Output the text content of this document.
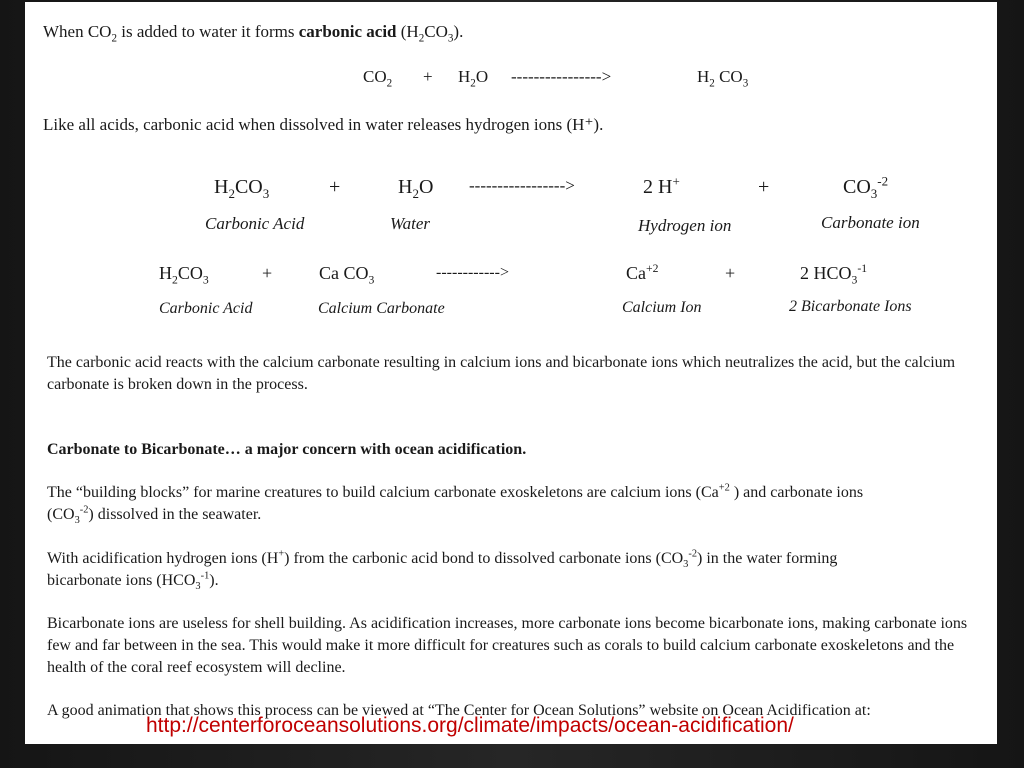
When $CO_2$ is added to water it forms carbonic acid $(H_2CO_3)$.
$CO_2 + H_2O$ ---------------->	$H_2$ $CO_3$
Like all acids, carbonic acid when dissolved in water releases hydrogen ions (H⁺).
$H_2CO_3$	+	$H_2O$ ----------------->	2 H+	+	$CO_3^{-2}$
Carbonic Acid	Water	Hydrogen ion	Carbonate ion
$H_2CO_3$	+	Ca $CO_3$	------------>	$Ca^{+2}$	+	2 $HCO_3^{-1}$
Carbonic Acid	Calcium Carbonate	Calcium Ion	2 Bicarbonate Ions
The carbonic acid reacts with the calcium carbonate resulting in calcium ions and bicarbonate ions which neutralizes the acid, but the calcium carbonate is broken down in the process.
Carbonate to Bicarbonate… a major concern with ocean acidification.
The “building blocks” for marine creatures to build calcium carbonate exoskeletons are calcium ions ($Ca^{+2}$ ) and carbonate ions
$(CO_3^{-2})$ dissolved in the seawater.
With acidification hydrogen ions (H+) from the carbonic acid bond to dissolved carbonate ions $(CO_3^{-2})$ in the water forming
bicarbonate ions $(HCO_3^{-1})$.
Bicarbonate ions are useless for shell building. As acidification increases, more carbonate ions become bicarbonate ions, making carbonate ions few and far between in the sea. This would make it more difficult for creatures such as corals to build calcium carbonate exoskeletons and the health of the coral reef ecosystem will decline.
A good animation that shows this process can be viewed at “The Center for Ocean Solutions” website on Ocean Acidification at:
http://centerforoceansolutions.org/climate/impacts/ocean-acidification/
